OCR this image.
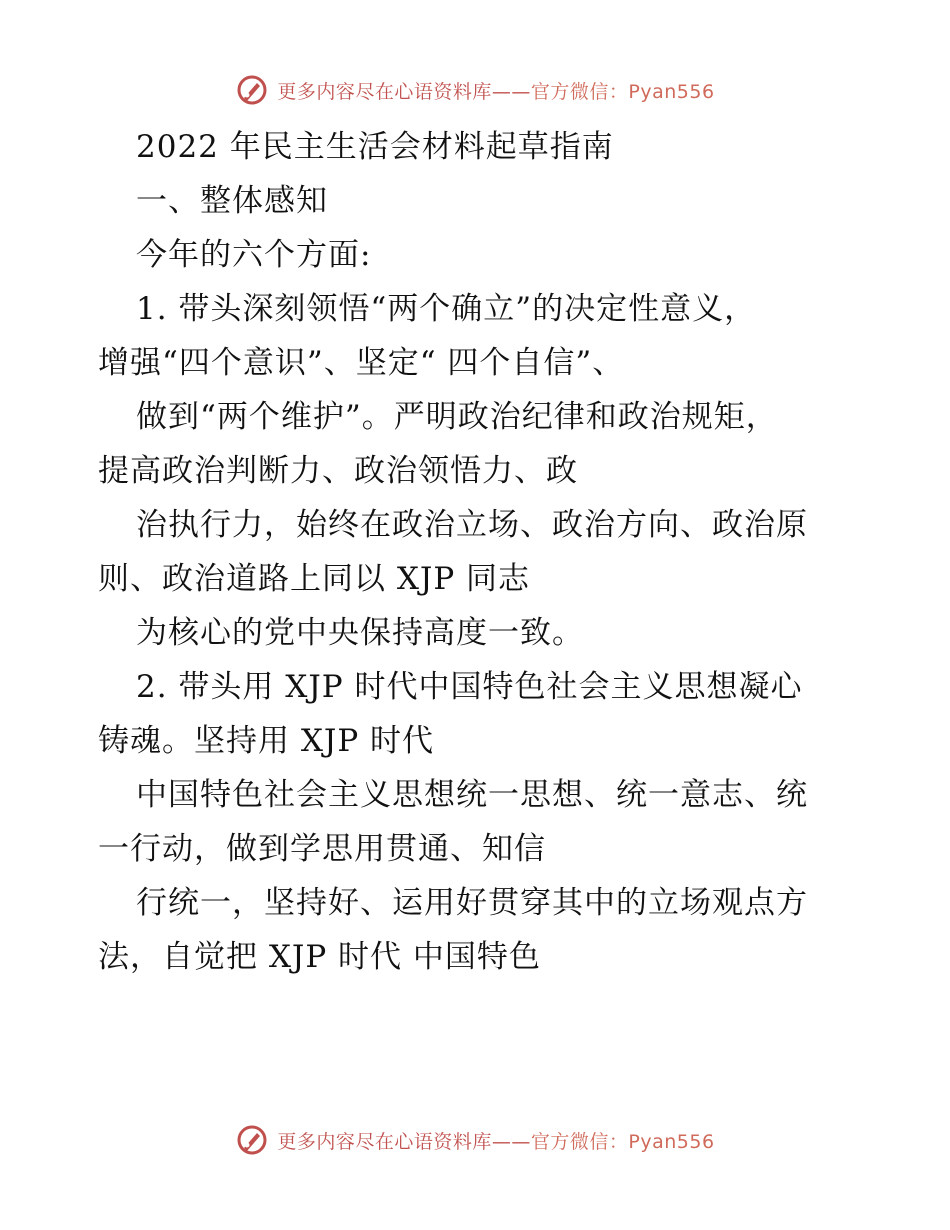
更多内容尽在心语资料库——官方微信：Pyan556
2022 年民主生活会材料起草指南
一、整体感知
今年的六个方面:
1. 带头深刻领悟“两个确立”的决定性意义，
增强“四个意识”、坚定“ 四个自信”、
做到“两个维护”。严明政治纪律和政治规矩，
提高政治判断力、政治领悟力、政
治执行力，始终在政治立场、政治方向、政治原
则、政治道路上同以 XJP 同志
为核心的党中央保持高度一致。
2. 带头用 XJP 时代中国特色社会主义思想凝心
铸魂。坚持用 XJP 时代
中国特色社会主义思想统一思想、统一意志、统
一行动，做到学思用贯通、知信
行统一，坚持好、运用好贯穿其中的立场观点方
法，自觉把 XJP 时代 中国特色
更多内容尽在心语资料库——官方微信：Pyan556
